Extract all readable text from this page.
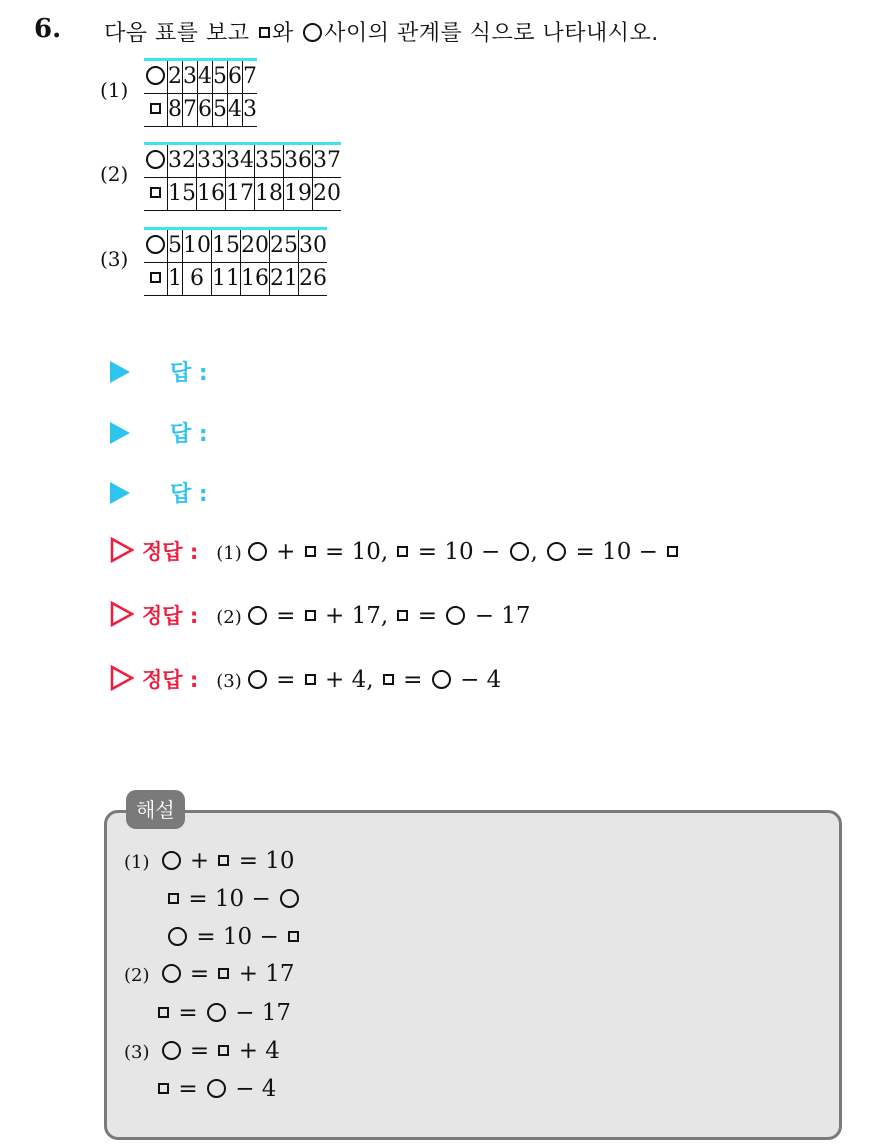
6. 다음 표를 보고 와 사이의 관계를 식으로 나타내시오.
(1)
	2	3	4	5	6	7
	8	7	6	5	4	3
(2)
	32	33	34	35	36	37
	15	16	17	18	19	20
(3)
	5	10	15	20	25	30
	1	6	11	16	21	26
답 :
답 :
답 :
정답 : (1) + = 10, = 10 − , = 10 −
정답 : (2) = + 17, = − 17
정답 : (3) = + 4, = − 4
해설
(1) + = 10
= 10 −
= 10 −
(2) = + 17
= − 17
(3) = + 4
= − 4
